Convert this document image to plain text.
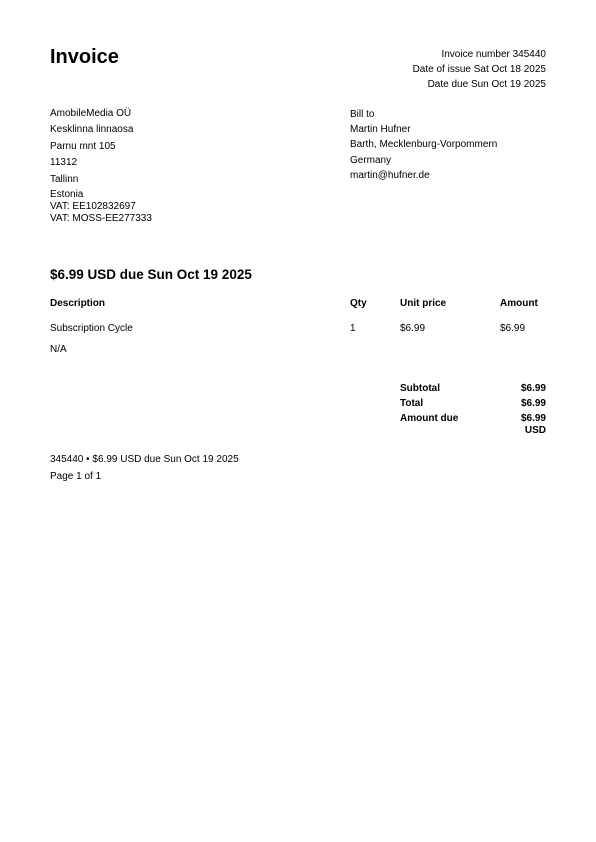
Invoice	Invoice number 345440
Date of issue Sat Oct 18 2025
Date due Sun Oct 19 2025
AmobileMedia OÜ
Kesklinna linnaosa
Parnu mnt 105
11312
Tallinn
Estonia
VAT: EE102832697
VAT: MOSS-EE277333
Bill to
Martin Hufner
Barth, Mecklenburg-Vorpommern
Germany
martin@hufner.de
$6.99 USD due Sun Oct 19 2025
Description	Qty	Unit price	Amount
Subscription Cycle	1	$6.99	$6.99
N/A
Subtotal	$6.99
Total	$6.99
Amount due	$6.99
USD
345440 • $6.99 USD due Sun Oct 19 2025
Page 1 of 1
